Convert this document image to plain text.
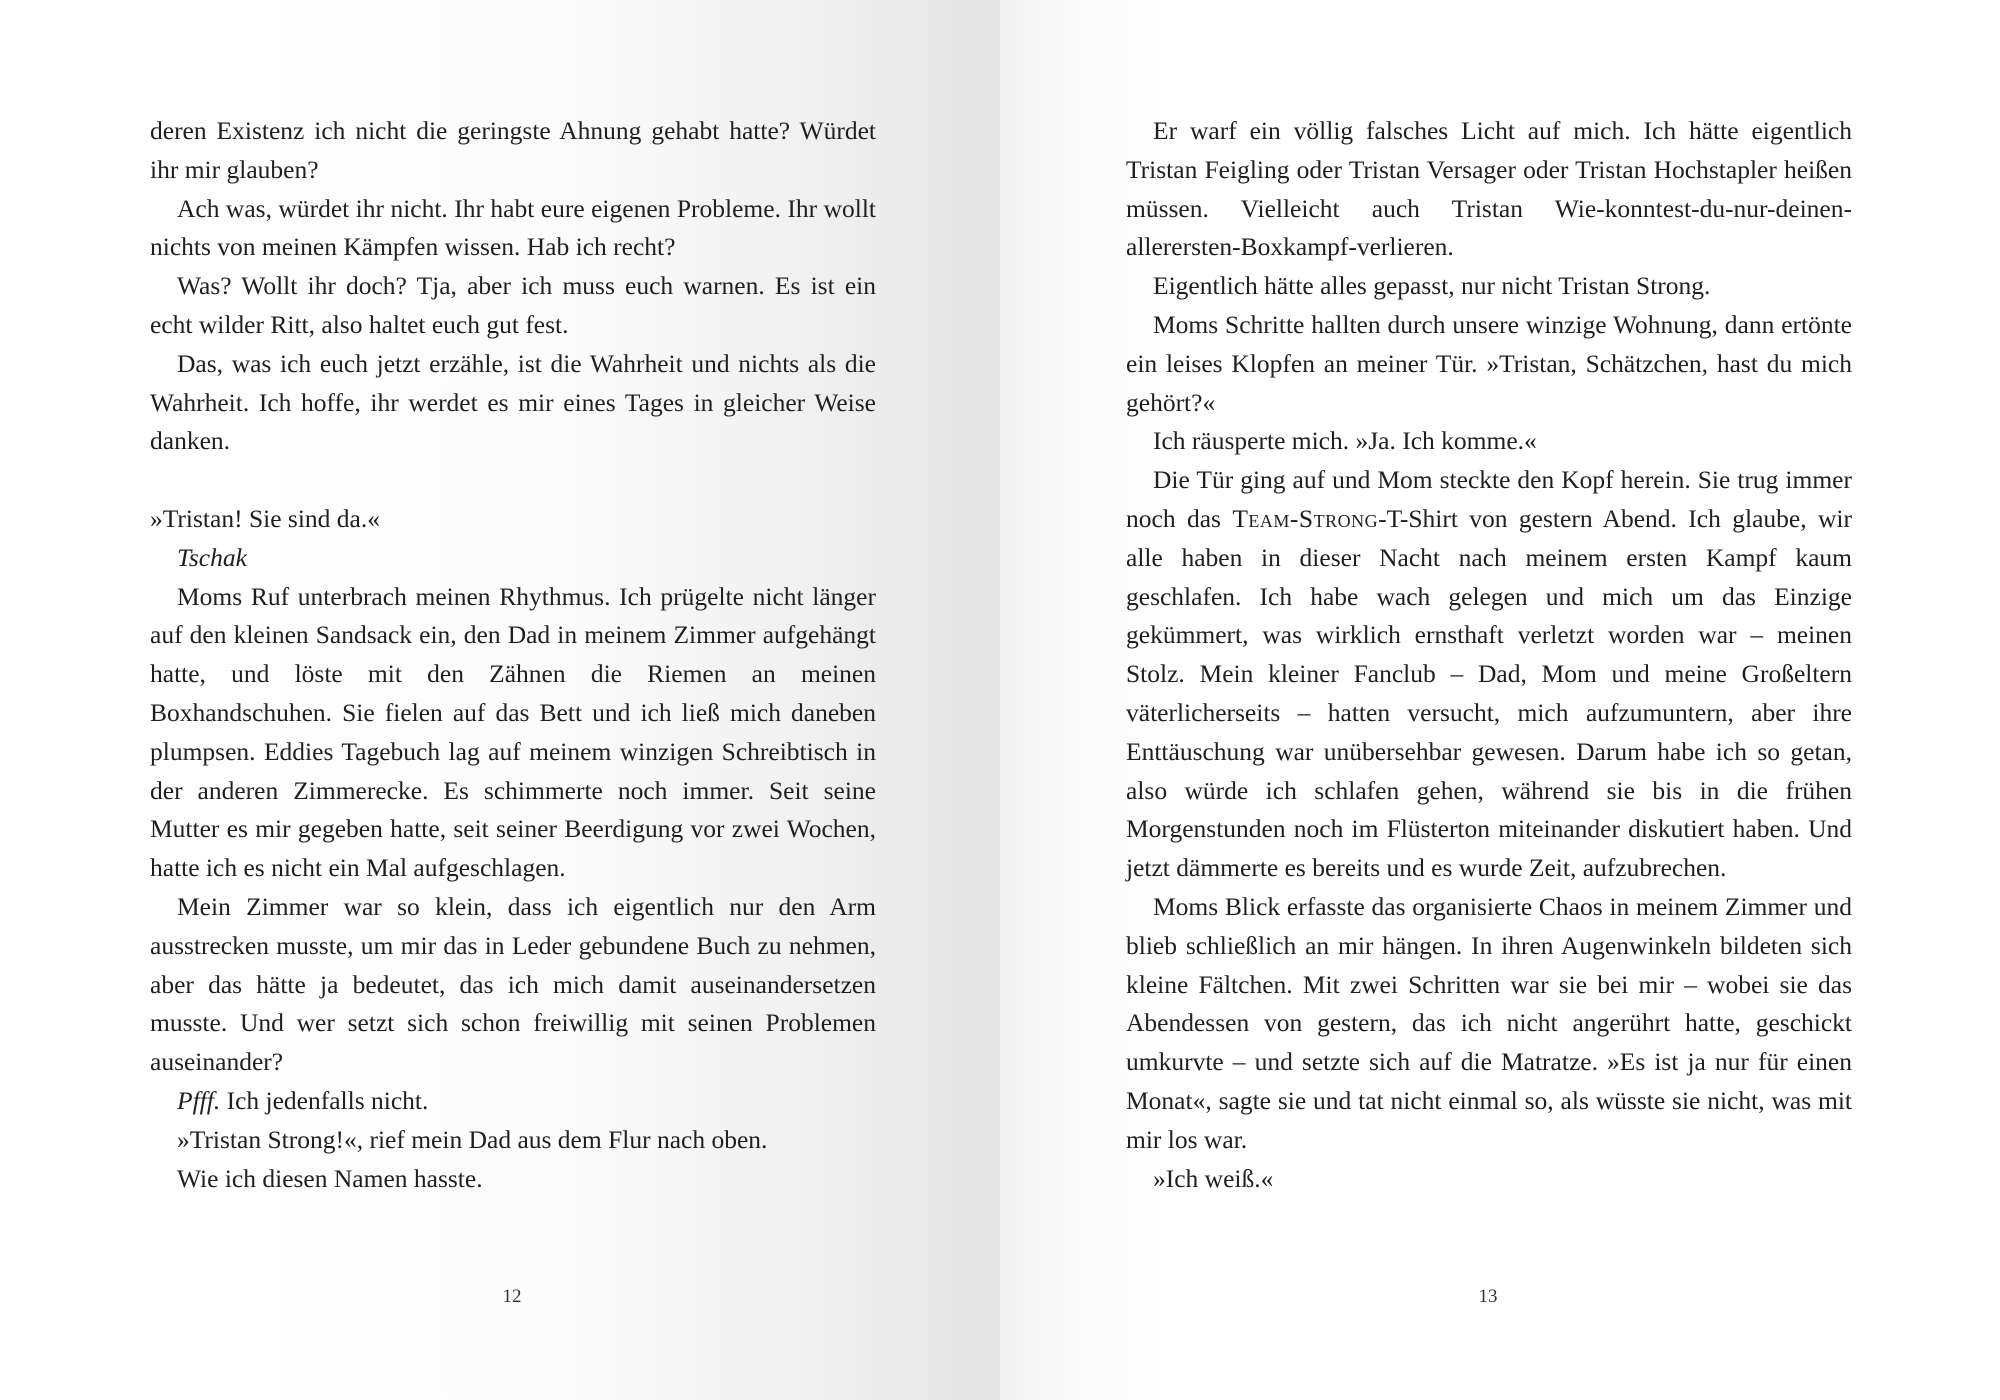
deren Existenz ich nicht die geringste Ahnung gehabt hatte? Würdet ihr mir glauben?

Ach was, würdet ihr nicht. Ihr habt eure eigenen Probleme. Ihr wollt nichts von meinen Kämpfen wissen. Hab ich recht?

Was? Wollt ihr doch? Tja, aber ich muss euch warnen. Es ist ein echt wilder Ritt, also haltet euch gut fest.

Das, was ich euch jetzt erzähle, ist die Wahrheit und nichts als die Wahrheit. Ich hoffe, ihr werdet es mir eines Tages in gleicher Weise danken.

»Tristan! Sie sind da.«

Tschak

Moms Ruf unterbrach meinen Rhythmus. Ich prügelte nicht länger auf den kleinen Sandsack ein, den Dad in meinem Zimmer aufgehängt hatte, und löste mit den Zähnen die Riemen an meinen Boxhandschuhen. Sie fielen auf das Bett und ich ließ mich daneben plumpsen. Eddies Tagebuch lag auf meinem winzigen Schreibtisch in der anderen Zimmerecke. Es schimmerte noch immer. Seit seine Mutter es mir gegeben hatte, seit seiner Beerdigung vor zwei Wochen, hatte ich es nicht ein Mal aufgeschlagen.

Mein Zimmer war so klein, dass ich eigentlich nur den Arm ausstrecken musste, um mir das in Leder gebundene Buch zu nehmen, aber das hätte ja bedeutet, das ich mich damit auseinandersetzen musste. Und wer setzt sich schon freiwillig mit seinen Problemen auseinander?

Pfff. Ich jedenfalls nicht.

»Tristan Strong!«, rief mein Dad aus dem Flur nach oben.

Wie ich diesen Namen hasste.

12

Er warf ein völlig falsches Licht auf mich. Ich hätte eigentlich Tristan Feigling oder Tristan Versager oder Tristan Hochstapler heißen müssen. Vielleicht auch Tristan Wie-konntest-du-nur-deinen-allerersten-Boxkampf-verlieren.

Eigentlich hätte alles gepasst, nur nicht Tristan Strong.

Moms Schritte hallten durch unsere winzige Wohnung, dann ertönte ein leises Klopfen an meiner Tür. »Tristan, Schätzchen, hast du mich gehört?«

Ich räusperte mich. »Ja. Ich komme.«

Die Tür ging auf und Mom steckte den Kopf herein. Sie trug immer noch das Team-Strong-T-Shirt von gestern Abend. Ich glaube, wir alle haben in dieser Nacht nach meinem ersten Kampf kaum geschlafen. Ich habe wach gelegen und mich um das Einzige gekümmert, was wirklich ernsthaft verletzt worden war – meinen Stolz. Mein kleiner Fanclub – Dad, Mom und meine Großeltern väterlicherseits – hatten versucht, mich aufzumuntern, aber ihre Enttäuschung war unübersehbar gewesen. Darum habe ich so getan, also würde ich schlafen gehen, während sie bis in die frühen Morgenstunden noch im Flüsterton miteinander diskutiert haben. Und jetzt dämmerte es bereits und es wurde Zeit, aufzubrechen.

Moms Blick erfasste das organisierte Chaos in meinem Zimmer und blieb schließlich an mir hängen. In ihren Augenwinkeln bildeten sich kleine Fältchen. Mit zwei Schritten war sie bei mir – wobei sie das Abendessen von gestern, das ich nicht angerührt hatte, geschickt umkurvte – und setzte sich auf die Matratze. »Es ist ja nur für einen Monat«, sagte sie und tat nicht einmal so, als wüsste sie nicht, was mit mir los war.

»Ich weiß.«

13
